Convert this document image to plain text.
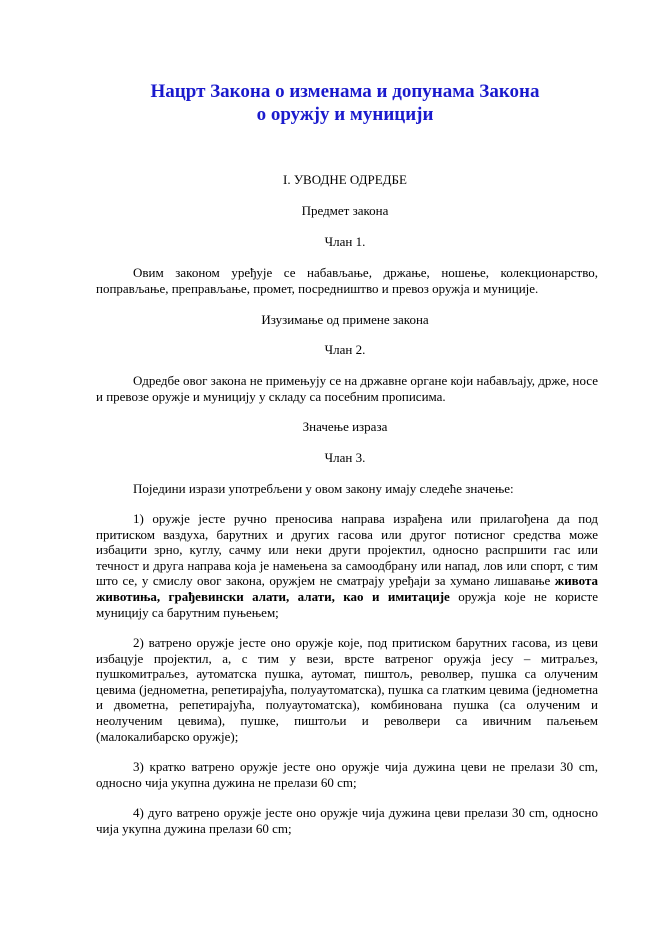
Нацрт Закона о изменама и допунама Закона
о оружју и муницији
I. УВОДНЕ ОДРЕДБЕ
Предмет закона
Члан 1.
Овим законом уређује се набављање, држање, ношење, колекционарство, поправљање, преправљање, промет, посредништво и превоз оружја и муниције.
Изузимање од примене закона
Члан 2.
Одредбе овог закона не примењују се на државне органе који набављају, држе, носе и превозе оружје и муницију у складу са посебним прописима.
Значење израза
Члан 3.
Поједини изрази употребљени у овом закону имају следеће значење:
1) оружје јесте ручно преносива направа израђена или прилагођена да под притиском ваздуха, барутних и других гасова или другог потисног средства може избацити зрно, куглу, сачму или неки други пројектил, односно распршити гас или течност и друга направа која је намењена за самоодбрану или напад, лов или спорт, с тим што се, у смислу овог закона, оружјем не сматрају уређаји за хумано лишавање живота животиња, грађевински алати, алати, као и имитације оружја које не користе муницију са барутним пуњењем;
2) ватрено оружје јесте оно оружје које, под притиском барутних гасова, из цеви избацује пројектил, а, с тим у вези, врсте ватреног оружја јесу – митраљез, пушкомитраљез, аутоматска пушка, аутомат, пиштољ, револвер, пушка са олученим цевима (једнометна, репетирајућа, полуаутоматска), пушка са глатким цевима (једнометна и двометна, репетирајућа, полуаутоматска), комбинована пушка (са олученим и неолученим цевима), пушке, пиштољи и револвери са ивичним паљењем (малокалибарско оружје);
3) кратко ватрено оружје јесте оно оружје чија дужина цеви не прелази 30 cm, односно чија укупна дужина не прелази 60 cm;
4) дуго ватрено оружје јесте оно оружје чија дужина цеви прелази 30 cm, односно чија укупна дужина прелази 60 cm;
